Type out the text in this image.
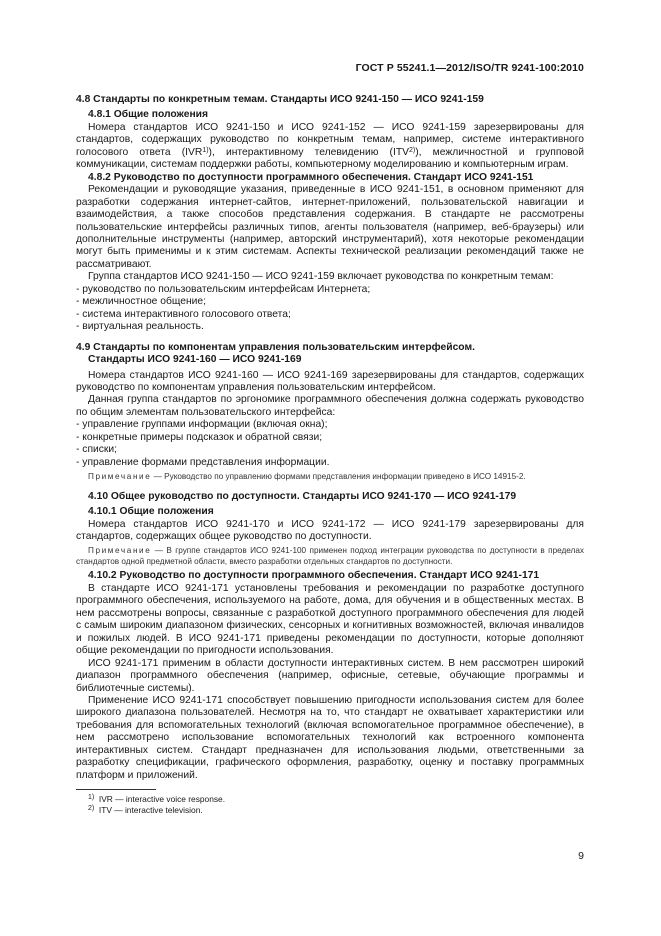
ГОСТ Р 55241.1—2012/ISO/TR 9241-100:2010

4.8 Стандарты по конкретным темам. Стандарты ИСО 9241-150 — ИСО 9241-159

4.8.1 Общие положения

Номера стандартов ИСО 9241-150 и ИСО 9241-152 — ИСО 9241-159 зарезервированы для стандартов, содержащих руководство по конкретным темам, например, системе интерактивного голосового ответа (IVR$^{1)}$), интерактивному телевидению (ITV$^{2)}$), межличностной и групповой коммуникации, системам поддержки работы, компьютерному моделированию и компьютерным играм.

4.8.2 Руководство по доступности программного обеспечения. Стандарт ИСО 9241-151

Рекомендации и руководящие указания, приведенные в ИСО 9241-151, в основном применяют для разработки содержания интернет-сайтов, интернет-приложений, пользовательской навигации и взаимодействия, а также способов представления содержания. В стандарте не рассмотрены пользовательские интерфейсы различных типов, агенты пользователя (например, веб-браузеры) или дополнительные инструменты (например, авторский инструментарий), хотя некоторые рекомендации могут быть применимы и к этим системам. Аспекты технической реализации рекомендаций также не рассматривают.

Группа стандартов ИСО 9241-150 — ИСО 9241-159 включает руководства по конкретным темам:

- руководство по пользовательским интерфейсам Интернета;

- межличностное общение;

- система интерактивного голосового ответа;

- виртуальная реальность.

4.9 Стандарты по компонентам управления пользовательским интерфейсом.

Стандарты ИСО 9241-160 — ИСО 9241-169

Номера стандартов ИСО 9241-160 — ИСО 9241-169 зарезервированы для стандартов, содержащих руководство по компонентам управления пользовательским интерфейсом.

Данная группа стандартов по эргономике программного обеспечения должна содержать руководство по общим элементам пользовательского интерфейса:

- управление группами информации (включая окна);

- конкретные примеры подсказок и обратной связи;

- списки;

- управление формами представления информации.

Примечание — Руководство по управлению формами представления информации приведено в ИСО 14915-2.

4.10 Общее руководство по доступности. Стандарты ИСО 9241-170 — ИСО 9241-179

4.10.1 Общие положения

Номера стандартов ИСО 9241-170 и ИСО 9241-172 — ИСО 9241-179 зарезервированы для стандартов, содержащих общее руководство по доступности.

Примечание — В группе стандартов ИСО 9241-100 применен подход интеграции руководства по доступности в пределах стандартов одной предметной области, вместо разработки отдельных стандартов по доступности.

4.10.2 Руководство по доступности программного обеспечения. Стандарт ИСО 9241-171

В стандарте ИСО 9241-171 установлены требования и рекомендации по разработке доступного программного обеспечения, используемого на работе, дома, для обучения и в общественных местах. В нем рассмотрены вопросы, связанные с разработкой доступного программного обеспечения для людей с самым широким диапазоном физических, сенсорных и когнитивных возможностей, включая инвалидов и пожилых людей. В ИСО 9241-171 приведены рекомендации по доступности, которые дополняют общие рекомендации по пригодности использования.

ИСО 9241-171 применим в области доступности интерактивных систем. В нем рассмотрен широкий диапазон программного обеспечения (например, офисные, сетевые, обучающие программы и библиотечные системы).

Применение ИСО 9241-171 способствует повышению пригодности использования систем для более широкого диапазона пользователей. Несмотря на то, что стандарт не охватывает характеристики или требования для вспомогательных технологий (включая вспомогательное программное обеспечение), в нем рассмотрено использование вспомогательных технологий как встроенного компонента интерактивных систем. Стандарт предназначен для использования людьми, ответственными за разработку спецификации, графического оформления, разработку, оценку и поставку программных платформ и приложений.

$^{1)}$ IVR — interactive voice response.
$^{2)}$ ITV — interactive television.
9
